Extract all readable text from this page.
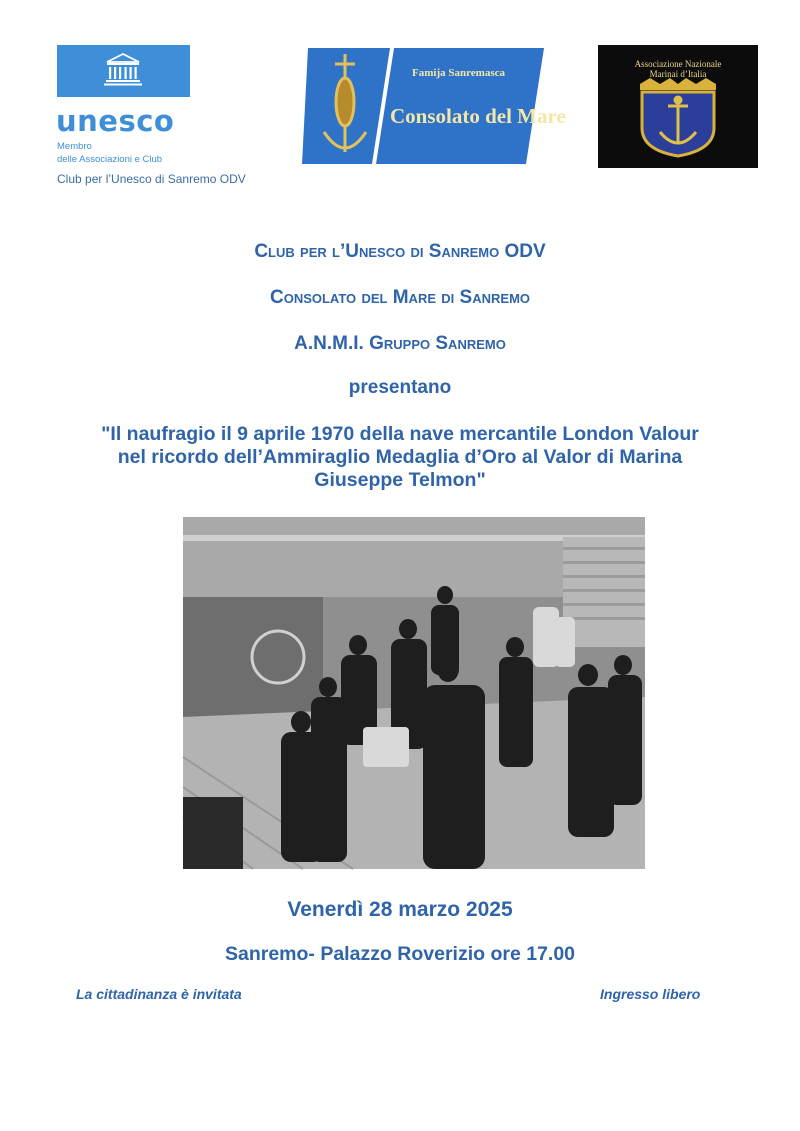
unesco
Membro
delle Associazioni e Club
Club per l’Unesco di Sanremo ODV
Famija Sanremasca
Consolato del Mare
Associazione Nazionale
Marinai d’Italia
Club per l’Unesco di Sanremo ODV
Consolato del Mare di Sanremo
A.N.M.I. Gruppo Sanremo
presentano
"Il naufragio il 9 aprile 1970 della nave mercantile London Valour
nel ricordo dell’Ammiraglio Medaglia d’Oro al Valor di Marina
Giuseppe Telmon"
Venerdì 28 marzo 2025
Sanremo- Palazzo Roverizio ore 17.00
La cittadinanza è invitata	Ingresso libero
